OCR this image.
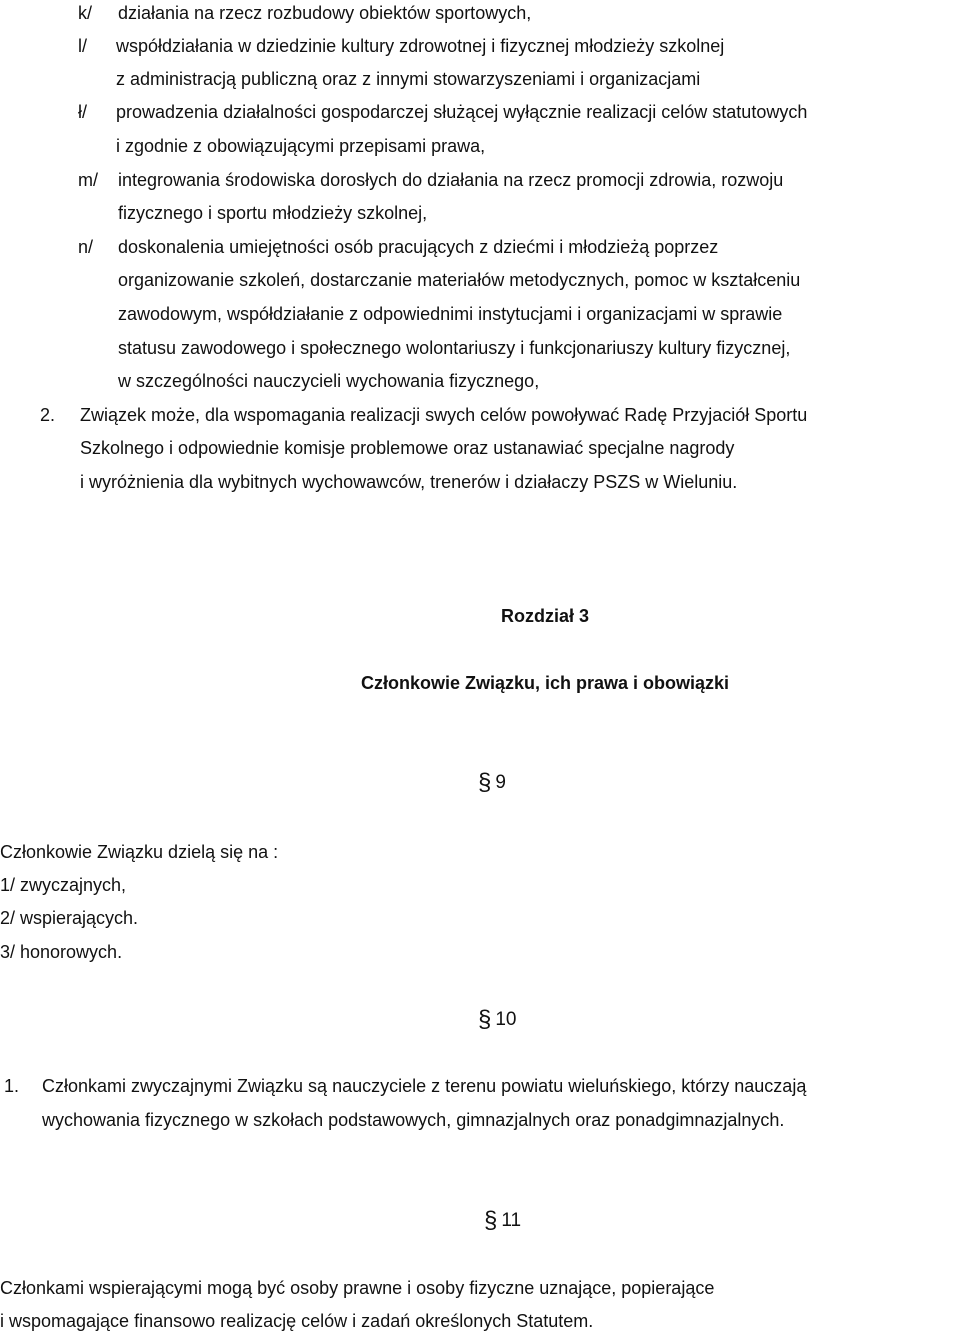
k/ działania na rzecz rozbudowy obiektów sportowych,
l/ współdziałania w dziedzinie kultury zdrowotnej i fizycznej młodzieży szkolnej
z administracją publiczną oraz z innymi stowarzyszeniami i organizacjami
ł/ prowadzenia działalności gospodarczej służącej wyłącznie realizacji celów statutowych
i zgodnie z obowiązującymi przepisami prawa,
m/ integrowania środowiska dorosłych do działania na rzecz promocji zdrowia, rozwoju
fizycznego i sportu młodzieży szkolnej,
n/ doskonalenia umiejętności osób pracujących z dziećmi i młodzieżą poprzez
organizowanie szkoleń, dostarczanie materiałów metodycznych, pomoc w kształceniu
zawodowym, współdziałanie z odpowiednimi instytucjami i organizacjami w sprawie
statusu zawodowego i społecznego wolontariuszy i funkcjonariuszy kultury fizycznej,
w szczególności nauczycieli wychowania fizycznego,
2. Związek może, dla wspomagania realizacji swych celów powoływać Radę Przyjaciół Sportu
Szkolnego i odpowiednie komisje problemowe oraz ustanawiać specjalne nagrody
i wyróżnienia dla wybitnych wychowawców, trenerów i działaczy PSZS w Wieluniu.
Rozdział 3
Członkowie Związku, ich prawa i obowiązki
§ 9
Członkowie Związku dzielą się na :
1/ zwyczajnych,
2/ wspierających.
3/ honorowych.
§ 10
1. Członkami zwyczajnymi Związku są nauczyciele z terenu powiatu wieluńskiego, którzy nauczają
wychowania fizycznego w szkołach podstawowych, gimnazjalnych oraz ponadgimnazjalnych.
§ 11
Członkami wspierającymi mogą być osoby prawne i osoby fizyczne uznające, popierające
i wspomagające finansowo realizację celów i zadań określonych Statutem.
